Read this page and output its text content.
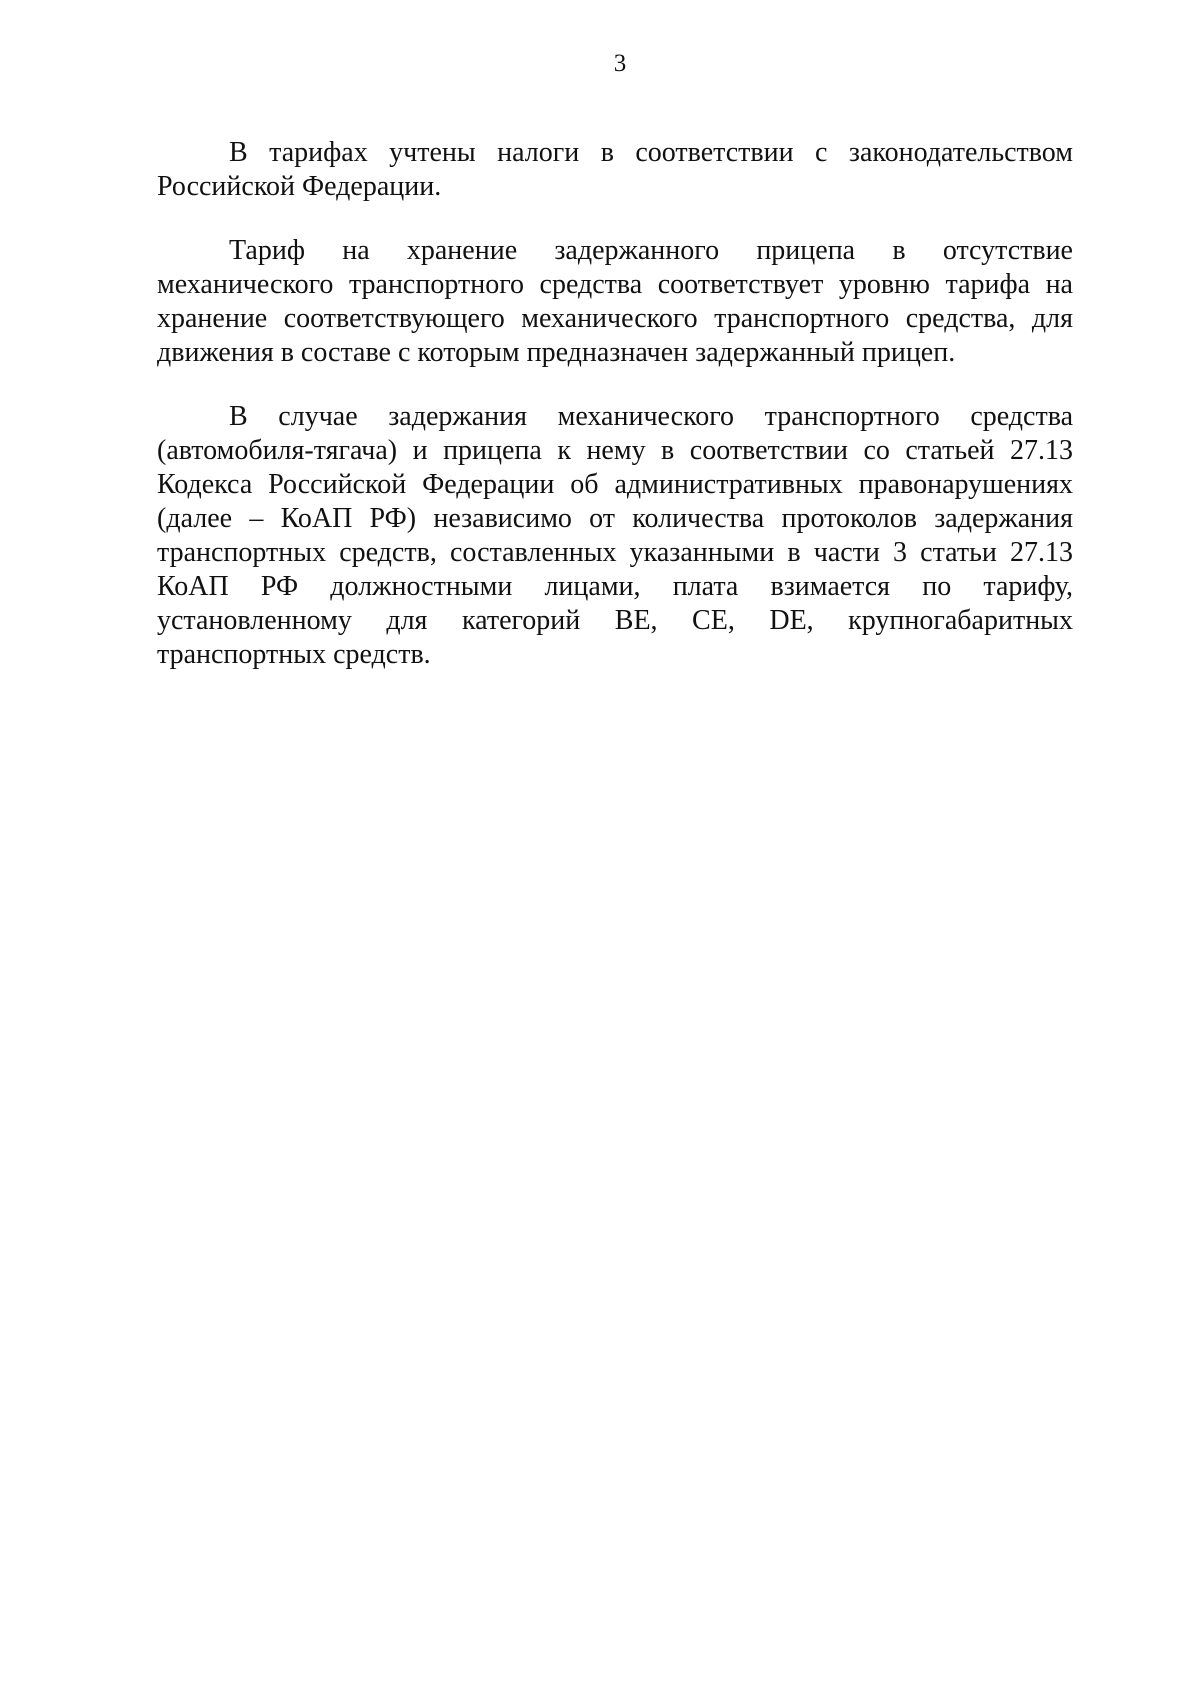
3

В тарифах учтены налоги в соответствии с законодательством Российской Федерации.

Тариф на хранение задержанного прицепа в отсутствие механического транспортного средства соответствует уровню тарифа на хранение соответствующего механического транспортного средства, для движения в составе с которым предназначен задержанный прицеп.

В случае задержания механического транспортного средства (автомобиля-тягача) и прицепа к нему в соответствии со статьей 27.13 Кодекса Российской Федерации об административных правонарушениях (далее – КоАП РФ) независимо от количества протоколов задержания транспортных средств, составленных указанными в части 3 статьи 27.13 КоАП РФ должностными лицами, плата взимается по тарифу, установленному для категорий BE, CE, DE, крупногабаритных транспортных средств.
